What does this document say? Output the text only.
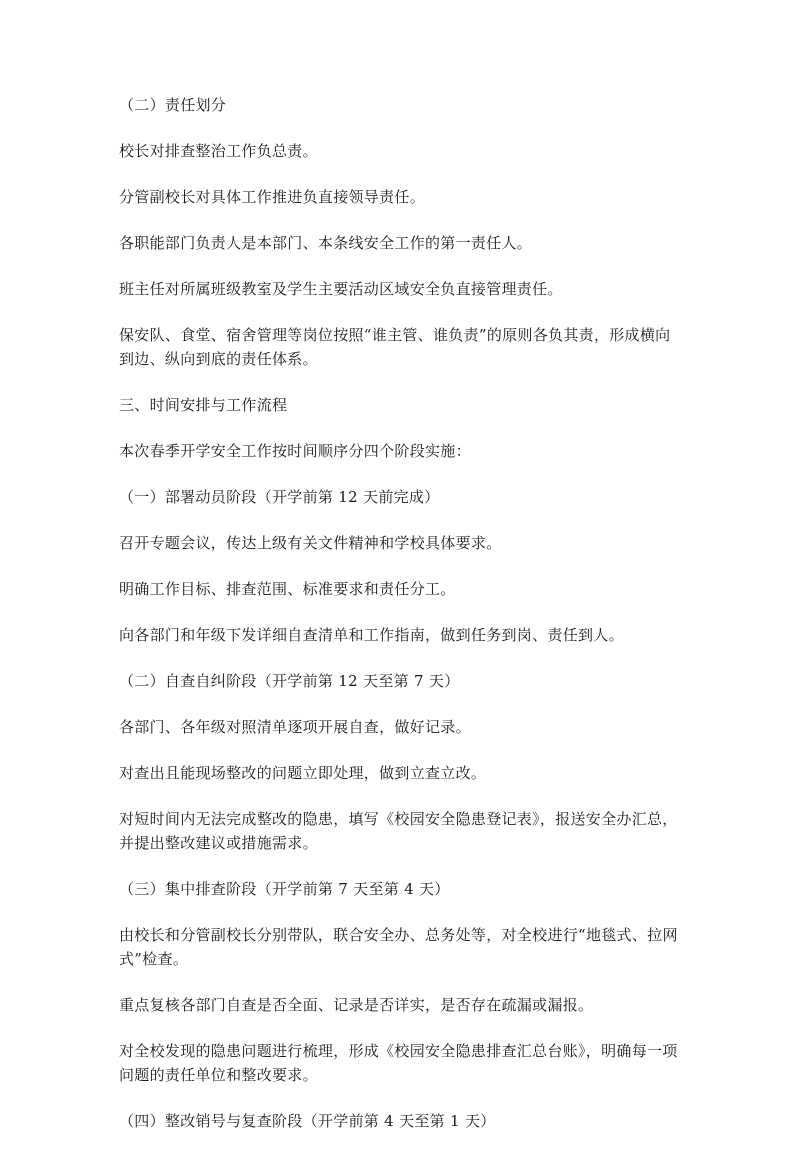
（二）责任划分

校长对排查整治工作负总责。

分管副校长对具体工作推进负直接领导责任。

各职能部门负责人是本部门、本条线安全工作的第一责任人。

班主任对所属班级教室及学生主要活动区域安全负直接管理责任。

保安队、食堂、宿舍管理等岗位按照“谁主管、谁负责”的原则各负其责，形成横向到边、纵向到底的责任体系。

三、时间安排与工作流程

本次春季开学安全工作按时间顺序分四个阶段实施：

（一）部署动员阶段（开学前第 12 天前完成）

召开专题会议，传达上级有关文件精神和学校具体要求。

明确工作目标、排查范围、标准要求和责任分工。

向各部门和年级下发详细自查清单和工作指南，做到任务到岗、责任到人。

（二）自查自纠阶段（开学前第 12 天至第 7 天）

各部门、各年级对照清单逐项开展自查，做好记录。

对查出且能现场整改的问题立即处理，做到立查立改。

对短时间内无法完成整改的隐患，填写《校园安全隐患登记表》，报送安全办汇总，并提出整改建议或措施需求。

（三）集中排查阶段（开学前第 7 天至第 4 天）

由校长和分管副校长分别带队，联合安全办、总务处等，对全校进行“地毯式、拉网式”检查。

重点复核各部门自查是否全面、记录是否详实，是否存在疏漏或漏报。

对全校发现的隐患问题进行梳理，形成《校园安全隐患排查汇总台账》，明确每一项问题的责任单位和整改要求。

（四）整改销号与复查阶段（开学前第 4 天至第 1 天）
